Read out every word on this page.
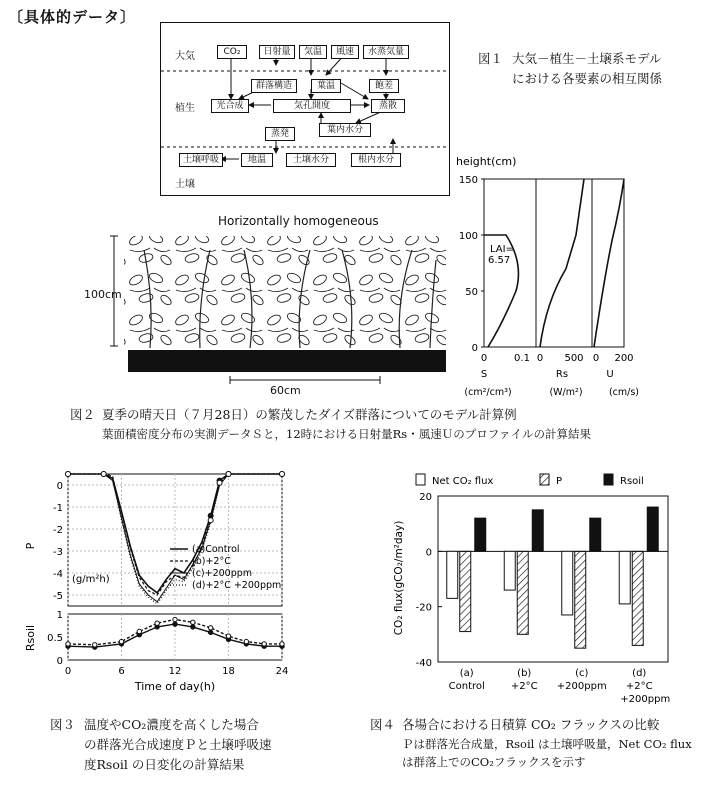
〔具体的データ〕
大気
植生
土壌
CO₂	日射量	気温	風速	水蒸気量
群落構造	葉温	飽差
光合成	気孔開度	蒸散
葉内水分
蒸発
土壌呼吸	地温	土壌水分	根内水分
図１ 大気－植生－土壌系モデル
における各要素の相互関係
Horizontally homogeneous
100cm
60cm
height(cm)
150
100
50
0
LAI=
6.57
0	0.1 0 500 0 200
S	Rs	U
(cm²/cm³)	(W/m²)	(cm/s)
図２ 夏季の晴天日（７月28日）の繁茂したダイズ群落についてのモデル計算例
葉面積密度分布の実測データＳと，12時における日射量Rs・風速Ｕのプロファイルの計算結果
0
-1
-2
-3
-4
-5
1
0.5
0
0	6	12	18	24
Time of day(h)
P
Rsoil
(g/m²h)
(a)Control
(b)+2°C
(c)+200ppm
(d)+2°C +200ppm
図３ 温度やCO₂濃度を高くした場合
の群落光合成速度Ｐと土壌呼吸速
度Rsoil の日変化の計算結果
Net CO₂ flux	P	Rsoil
20
0
-20
-40
CO₂ flux(gCO₂/m²day)
(a)
Control
(b)
+2°C
(c)
+200ppm
(d)
+2°C
+200ppm
図４ 各場合における日積算 CO₂ フラックスの比較
Ｐは群落光合成量，Rsoil は土壌呼吸量，Net CO₂ flux
は群落上でのCO₂フラックスを示す
